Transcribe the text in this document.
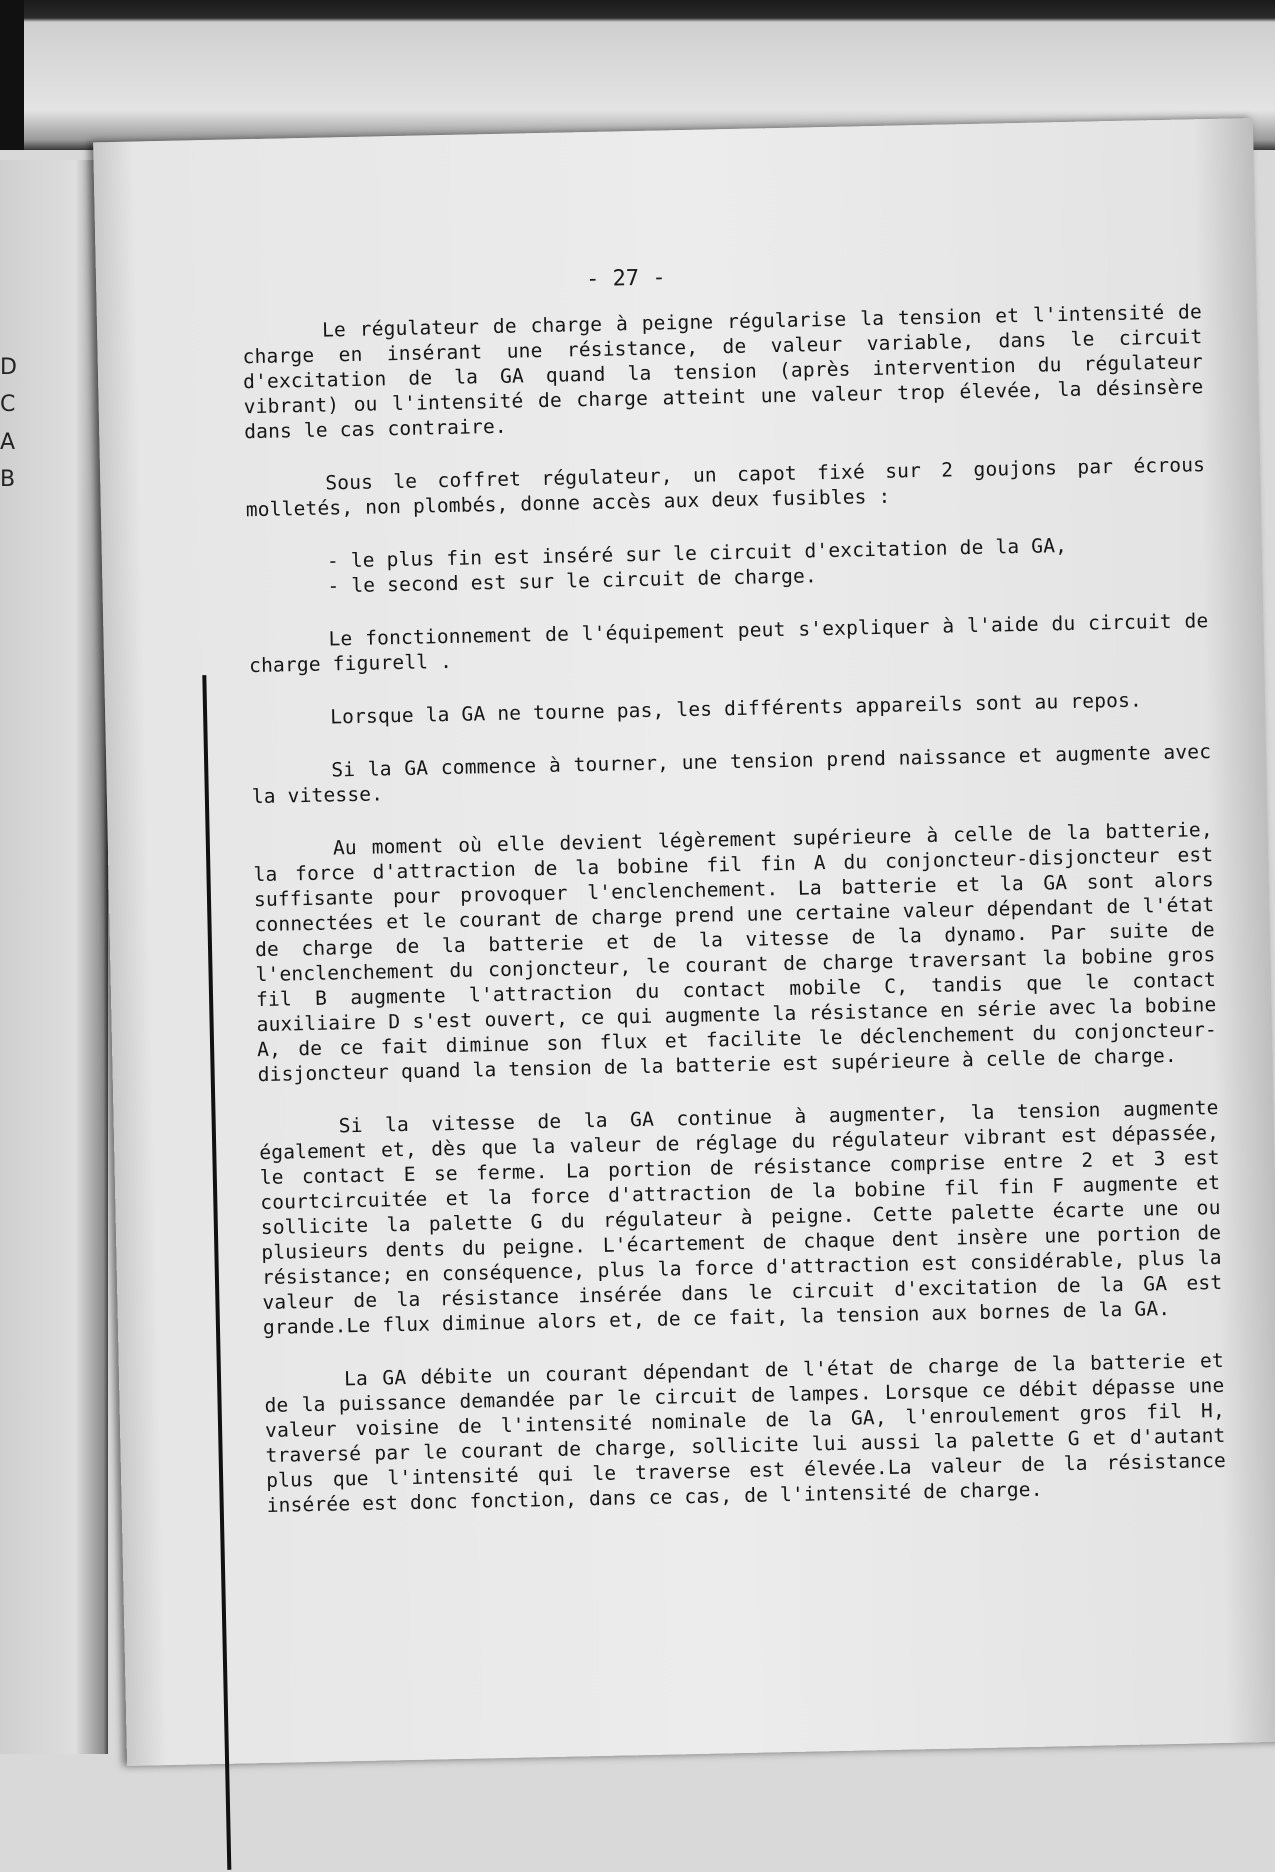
D
C
A
B
- 27 -

Le régulateur de charge à peigne régularise la tension et l'intensité de charge en insérant une résistance, de valeur variable, dans le circuit d'excitation de la GA quand la tension (après intervention du régulateur vibrant) ou l'intensité de charge atteint une valeur trop élevée, la désinsère dans le cas contraire.

Sous le coffret régulateur, un capot fixé sur 2 goujons par écrous molletés, non plombés, donne accès aux deux fusibles :

- le plus fin est inséré sur le circuit d'excitation de la GA,
- le second est sur le circuit de charge.

Le fonctionnement de l'équipement peut s'expliquer à l'aide du circuit de charge figurell .

Lorsque la GA ne tourne pas, les différents appareils sont au repos.

Si la GA commence à tourner, une tension prend naissance et augmente avec la vitesse.

Au moment où elle devient légèrement supérieure à celle de la batterie, la force d'attraction de la bobine fil fin A du conjoncteur-disjoncteur est suffisante pour provoquer l'enclenchement. La batterie et la GA sont alors connectées et le courant de charge prend une certaine valeur dépendant de l'état de charge de la batterie et de la vitesse de la dynamo. Par suite de l'enclenchement du conjoncteur, le courant de charge traversant la bobine gros fil B augmente l'attraction du contact mobile C, tandis que le contact auxiliaire D s'est ouvert, ce qui augmente la résistance en série avec la bobine A, de ce fait diminue son flux et facilite le déclenchement du conjoncteur-disjoncteur quand la tension de la batterie est supérieure à celle de charge.

Si la vitesse de la GA continue à augmenter, la tension augmente également et, dès que la valeur de réglage du régulateur vibrant est dépassée, le contact E se ferme. La portion de résistance comprise entre 2 et 3 est courtcircuitée et la force d'attraction de la bobine fil fin F augmente et sollicite la palette G du régulateur à peigne. Cette palette écarte une ou plusieurs dents du peigne. L'écartement de chaque dent insère une portion de résistance; en conséquence, plus la force d'attraction est considérable, plus la valeur de la résistance insérée dans le circuit d'excitation de la GA est grande.Le flux diminue alors et, de ce fait, la tension aux bornes de la GA.

La GA débite un courant dépendant de l'état de charge de la batterie et de la puissance demandée par le circuit de lampes. Lorsque ce débit dépasse une valeur voisine de l'intensité nominale de la GA, l'enroulement gros fil H, traversé par le courant de charge, sollicite lui aussi la palette G et d'autant plus que l'intensité qui le traverse est élevée.La valeur de la résistance insérée est donc fonction, dans ce cas, de l'intensité de charge.
